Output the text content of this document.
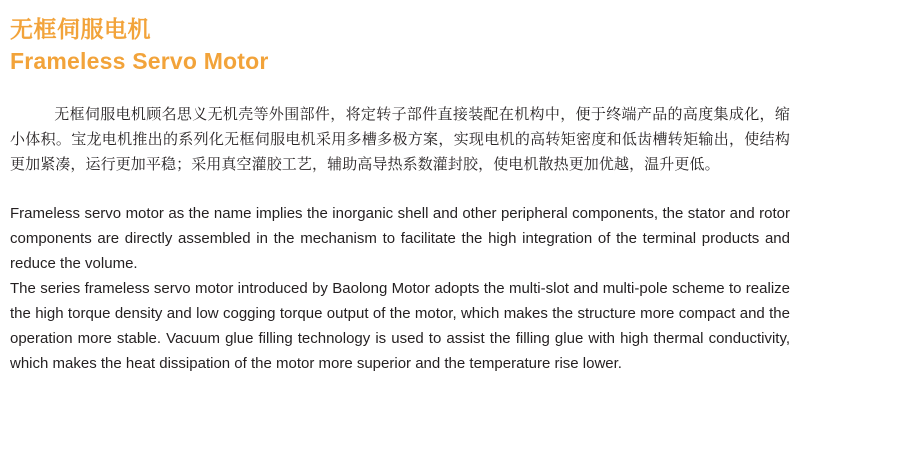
无框伺服电机
Frameless Servo Motor
无框伺服电机顾名思义无机壳等外围部件，将定转子部件直接装配在机构中，便于终端产品的高度集成化，缩小体积。宝龙电机推出的系列化无框伺服电机采用多槽多极方案，实现电机的高转矩密度和低齿槽转矩输出，使结构更加紧凑，运行更加平稳；采用真空灌胶工艺，辅助高导热系数灌封胶，使电机散热更加优越，温升更低。

Frameless servo motor as the name implies the inorganic shell and other peripheral components, the stator and rotor components are directly assembled in the mechanism to facilitate the high integration of the terminal products and reduce the volume.

The series frameless servo motor introduced by Baolong Motor adopts the multi-slot and multi-pole scheme to realize the high torque density and low cogging torque output of the motor, which makes the structure more compact and the operation more stable. Vacuum glue filling technology is used to assist the filling glue with high thermal conductivity, which makes the heat dissipation of the motor more superior and the temperature rise lower.
